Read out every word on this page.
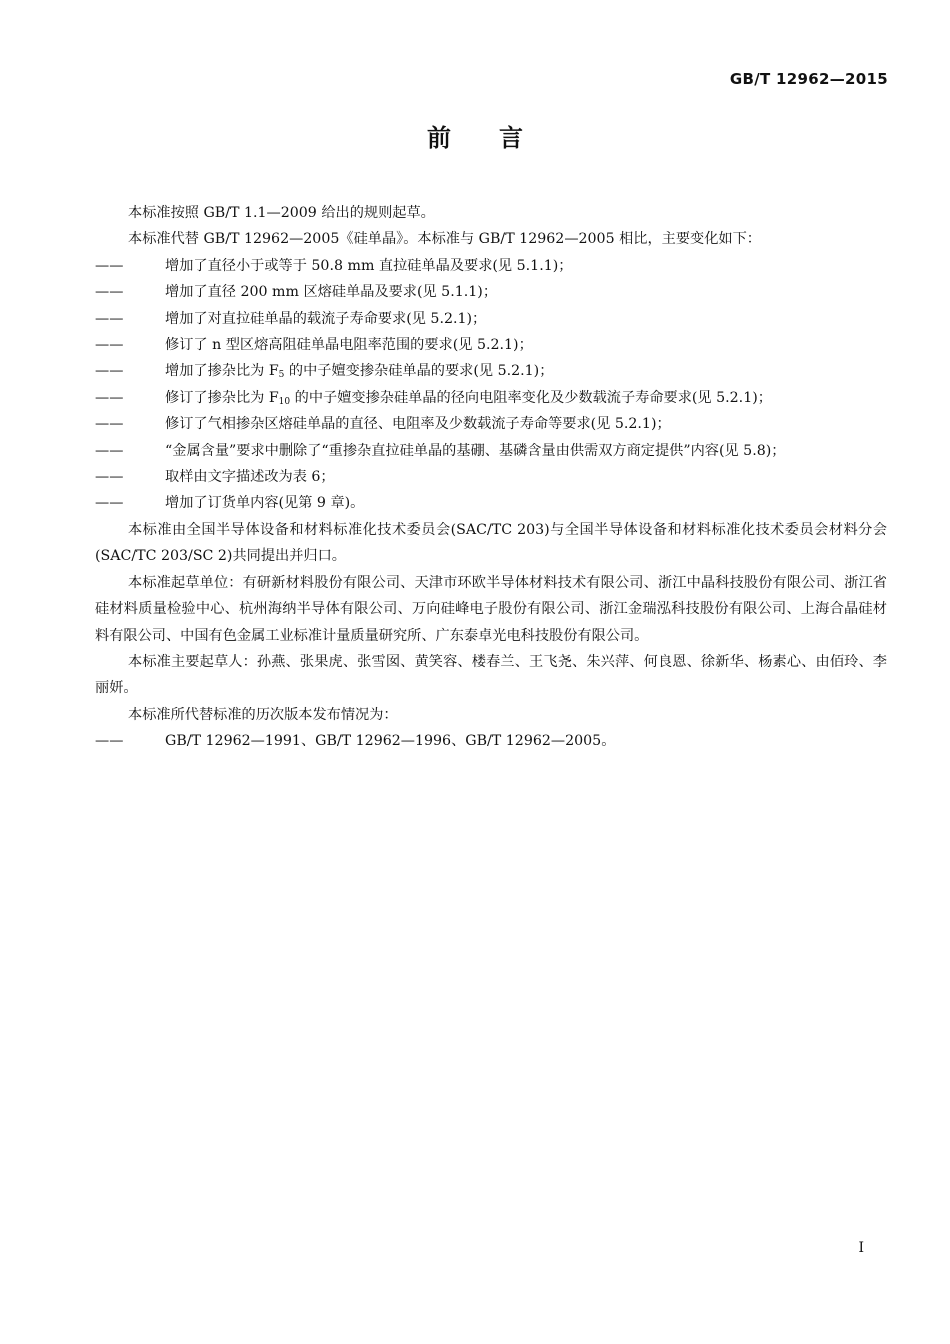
GB/T 12962—2015
前言
本标准按照 GB/T 1.1—2009 给出的规则起草。
本标准代替 GB/T 12962—2005《硅单晶》。本标准与 GB/T 12962—2005 相比，主要变化如下：
——	增加了直径小于或等于 50.8 mm 直拉硅单晶及要求(见 5.1.1)；
——	增加了直径 200 mm 区熔硅单晶及要求(见 5.1.1)；
——	增加了对直拉硅单晶的载流子寿命要求(见 5.2.1)；
——	修订了 n 型区熔高阻硅单晶电阻率范围的要求(见 5.2.1)；
——	增加了掺杂比为 $F_5$ 的中子嬗变掺杂硅单晶的要求(见 5.2.1)；
——	修订了掺杂比为 $F_{10}$ 的中子嬗变掺杂硅单晶的径向电阻率变化及少数载流子寿命要求(见 5.2.1)；
——	修订了气相掺杂区熔硅单晶的直径、电阻率及少数载流子寿命等要求(见 5.2.1)；
——	“金属含量”要求中删除了“重掺杂直拉硅单晶的基硼、基磷含量由供需双方商定提供”内容(见 5.8)；
——	取样由文字描述改为表 6；
——	增加了订货单内容(见第 9 章)。
本标准由全国半导体设备和材料标准化技术委员会(SAC/TC 203)与全国半导体设备和材料标准化技术委员会材料分会(SAC/TC 203/SC 2)共同提出并归口。
本标准起草单位：有研新材料股份有限公司、天津市环欧半导体材料技术有限公司、浙江中晶科技股份有限公司、浙江省硅材料质量检验中心、杭州海纳半导体有限公司、万向硅峰电子股份有限公司、浙江金瑞泓科技股份有限公司、上海合晶硅材料有限公司、中国有色金属工业标准计量质量研究所、广东泰卓光电科技股份有限公司。
本标准主要起草人：孙燕、张果虎、张雪囡、黄笑容、楼春兰、王飞尧、朱兴萍、何良恩、徐新华、杨素心、由佰玲、李丽妍。
本标准所代替标准的历次版本发布情况为：
——	GB/T 12962—1991、GB/T 12962—1996、GB/T 12962—2005。
I
